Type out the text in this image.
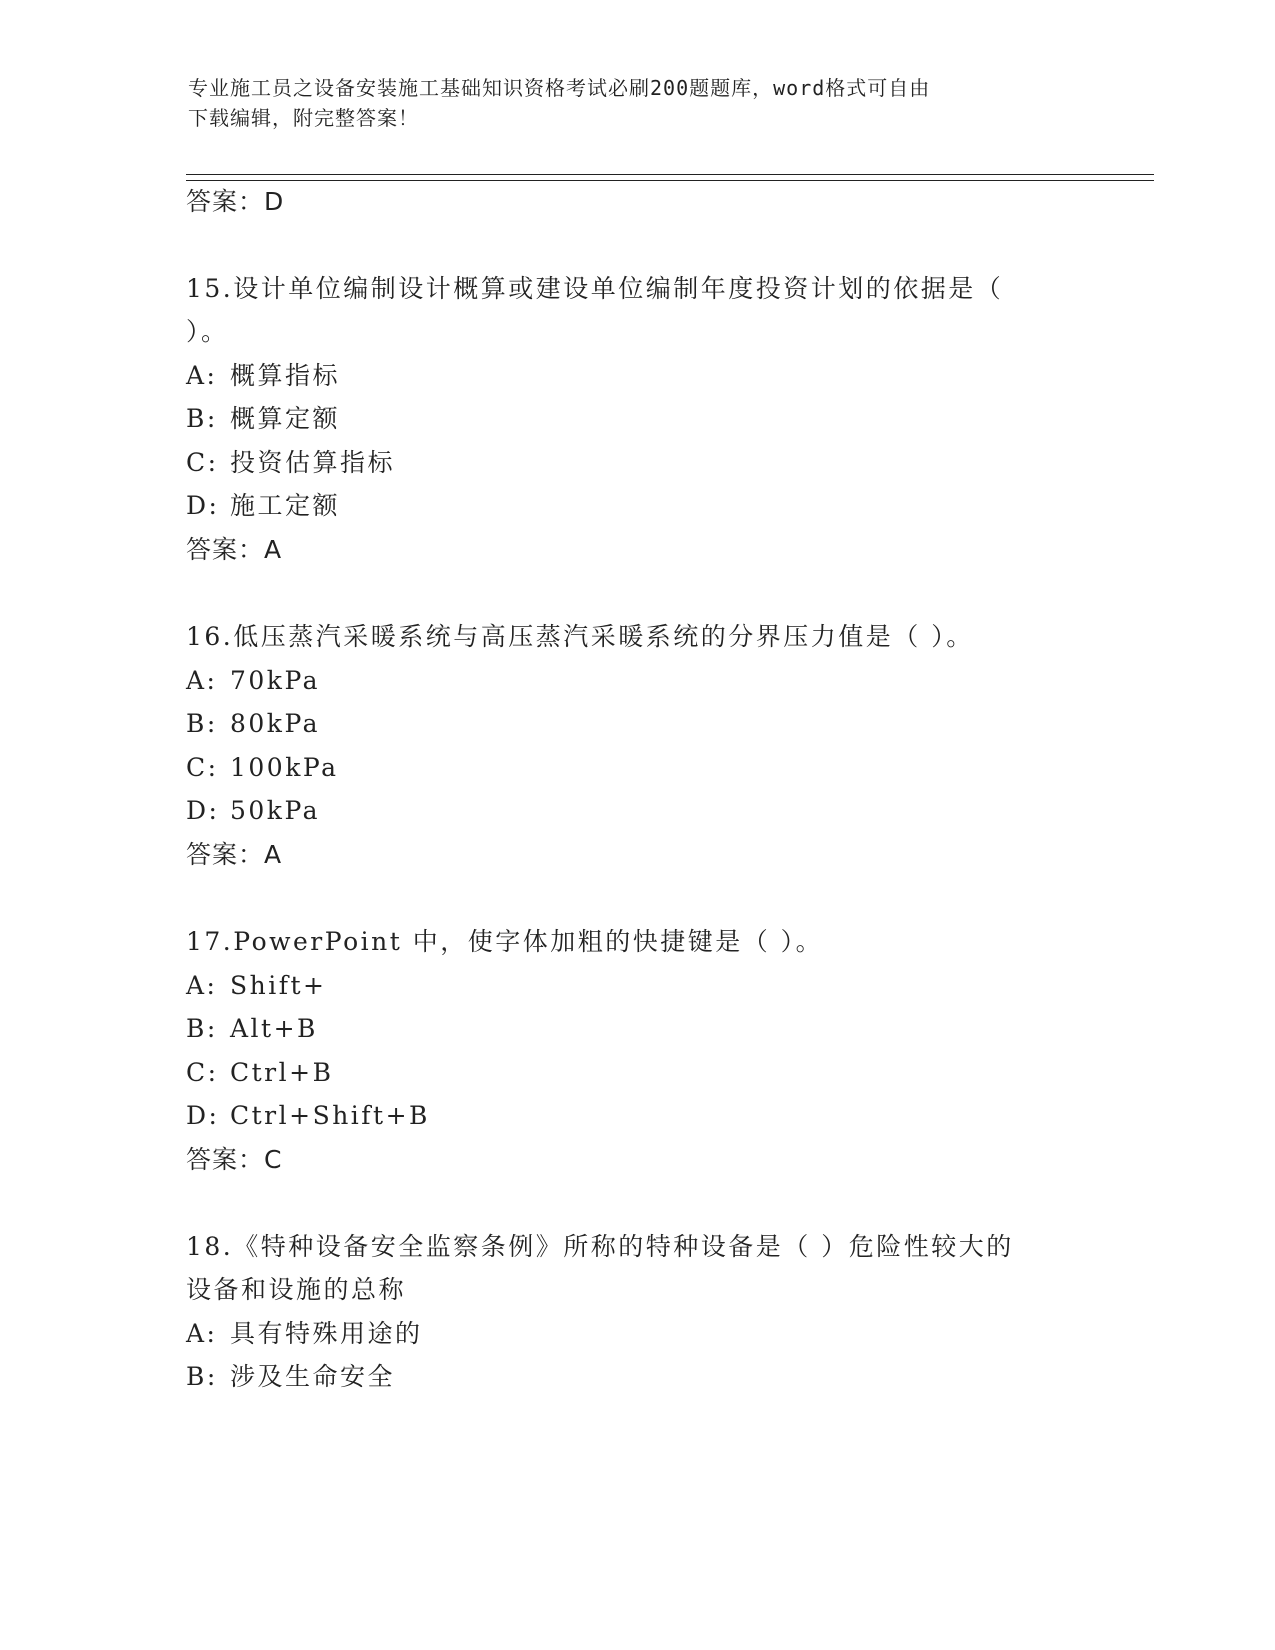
专业施工员之设备安装施工基础知识资格考试必刷200题题库，word格式可自由
下载编辑，附完整答案！
答案：D
15.设计单位编制设计概算或建设单位编制年度投资计划的依据是（
）。
A: 概算指标
B: 概算定额
C: 投资估算指标
D: 施工定额
答案：A
16.低压蒸汽采暖系统与高压蒸汽采暖系统的分界压力值是（ ）。
A: 70kPa
B: 80kPa
C: 100kPa
D: 50kPa
答案：A
17.PowerPoint 中，使字体加粗的快捷键是（ ）。
A: Shift+
B: Alt+B
C: Ctrl+B
D: Ctrl+Shift+B
答案：C
18.《特种设备安全监察条例》所称的特种设备是（ ）危险性较大的
设备和设施的总称
A: 具有特殊用途的
B: 涉及生命安全
